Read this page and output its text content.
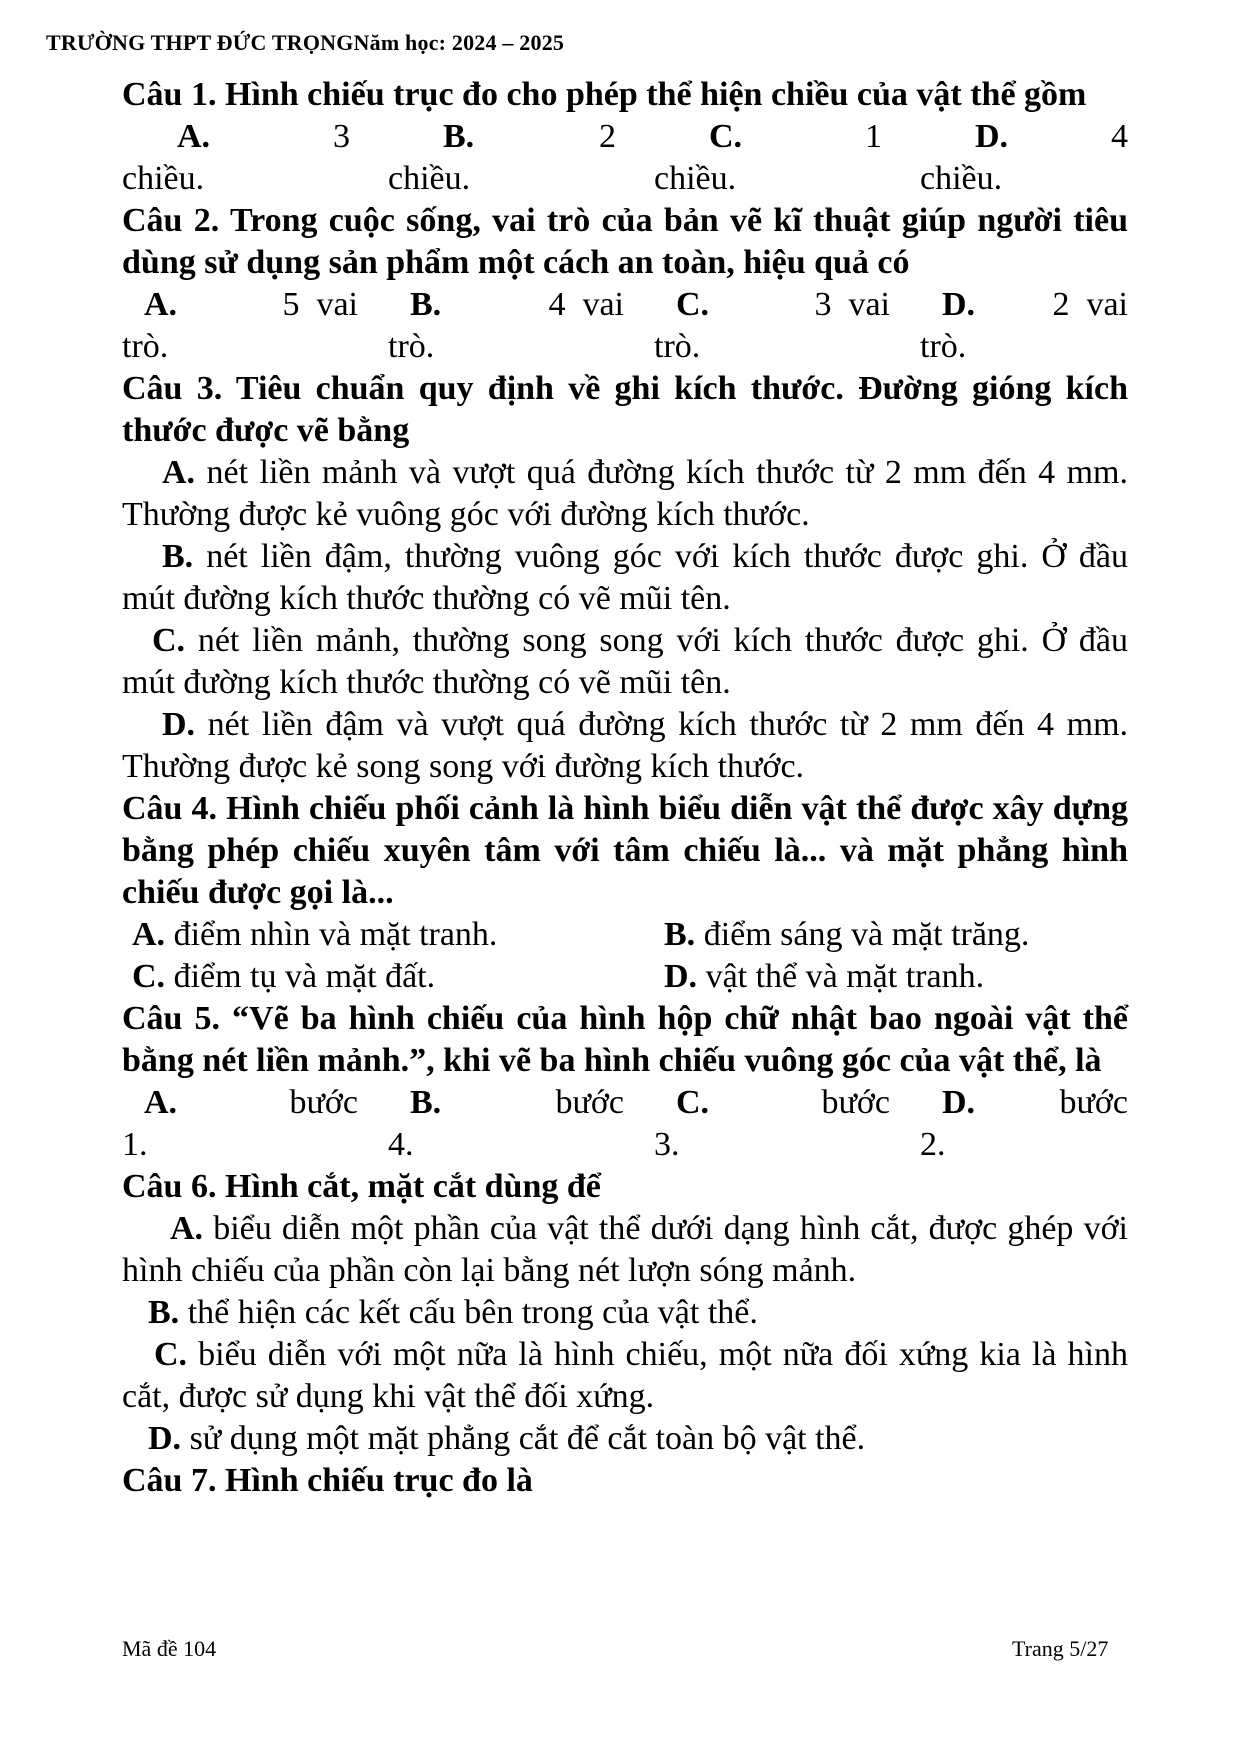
TRƯỜNG THPT ĐỨC TRỌNGNăm học: 2024 – 2025

Câu 1. Hình chiếu trục đo cho phép thể hiện chiều của vật thể gồm

A.	3
chiều.
B.	2
chiều.
C.	1
chiều.
D.	4
chiều.

Câu 2. Trong cuộc sống, vai trò của bản vẽ kĩ thuật giúp người tiêu dùng sử dụng sản phẩm một cách an toàn, hiệu quả có

A.	5  vai
trò.
B.	4  vai
trò.
C.	3  vai
trò.
D. 2  vai
trò.

Câu 3. Tiêu chuẩn quy định về ghi kích thước. Đường gióng kích thước được vẽ bằng

A. nét liền mảnh và vượt quá đường kích thước từ 2 mm đến 4 mm. Thường được kẻ vuông góc với đường kích thước.

B. nét liền đậm, thường vuông góc với kích thước được ghi. Ở đầu mút đường kích thước thường có vẽ mũi tên.

C. nét liền mảnh, thường song song với kích thước được ghi. Ở đầu mút đường kích thước thường có vẽ mũi tên.

D. nét liền đậm và vượt quá đường kích thước từ 2 mm đến 4 mm. Thường được kẻ song song với đường kích thước.

Câu 4. Hình chiếu phối cảnh là hình biểu diễn vật thể được xây dựng bằng phép chiếu xuyên tâm với tâm chiếu là... và mặt phẳng hình chiếu được gọi là...

A. điểm nhìn và mặt tranh.	B. điểm sáng và mặt trăng.
C. điểm tụ và mặt đất.	D. vật thể và mặt tranh.

Câu 5. “Vẽ ba hình chiếu của hình hộp chữ nhật bao ngoài vật thể bằng nét liền mảnh.”, khi vẽ ba hình chiếu vuông góc của vật thể, là

A.	bước
1.
B.	bước
4.
C.	bước
3.
D. bước
2.

Câu 6. Hình cắt, mặt cắt dùng để

A. biểu diễn một phần của vật thể dưới dạng hình cắt, được ghép với hình chiếu của phần còn lại bằng nét lượn sóng mảnh.

B. thể hiện các kết cấu bên trong của vật thể.

C. biểu diễn với một nữa là hình chiếu, một nữa đối xứng kia là hình cắt, được sử dụng khi vật thể đối xứng.

D. sử dụng một mặt phẳng cắt để cắt toàn bộ vật thể.

Câu 7. Hình chiếu trục đo là

Mã đề 104	Trang 5/27
